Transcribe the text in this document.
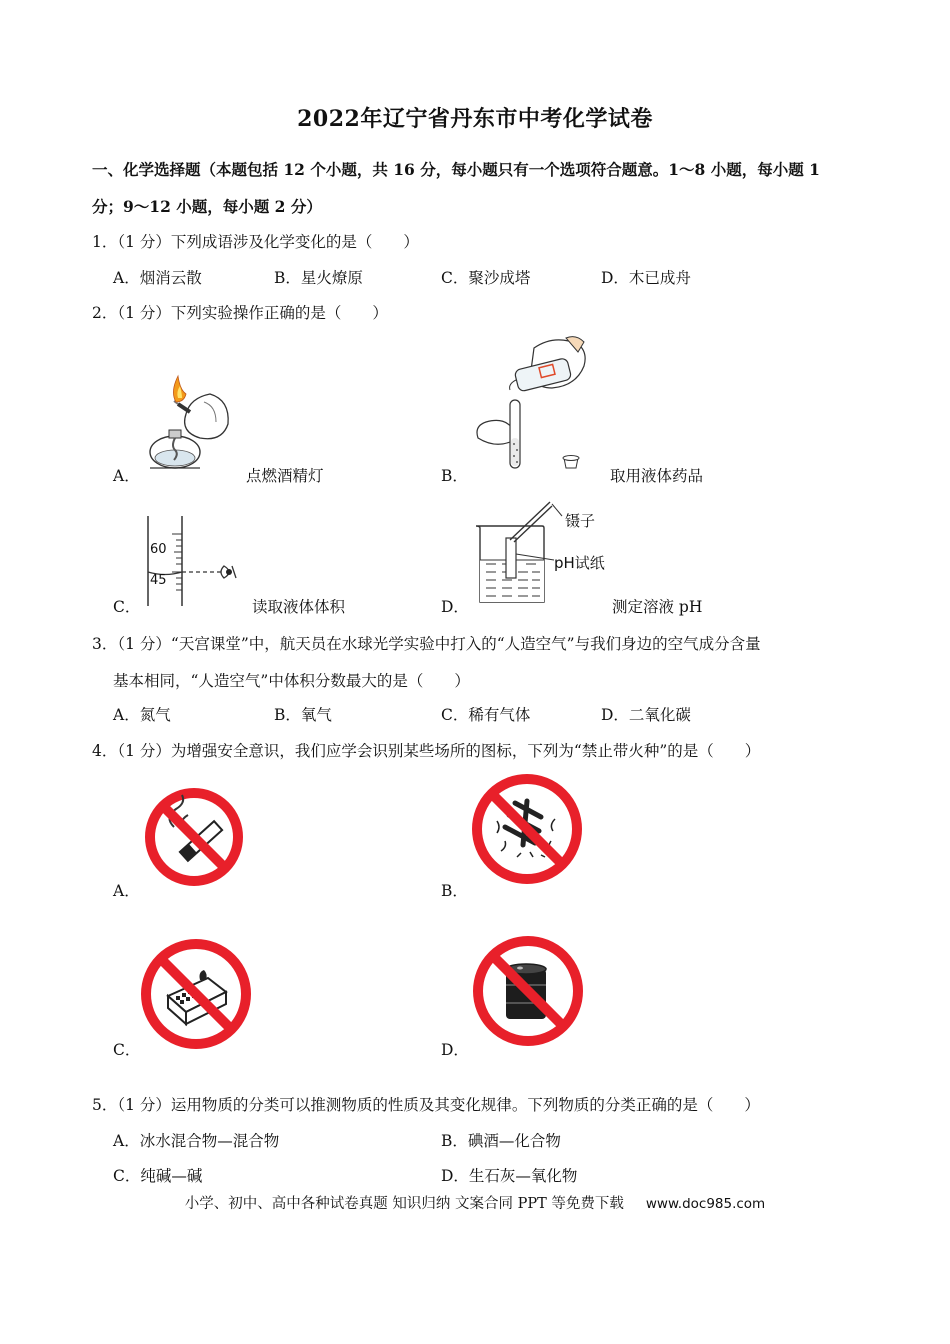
2022年辽宁省丹东市中考化学试卷
一、化学选择题（本题包括 12 个小题，共 16 分，每小题只有一个选项符合题意。1～8 小题，每小题 1
分；9～12 小题，每小题 2 分）
1．（1 分）下列成语涉及化学变化的是（　　）
A．烟消云散	B．星火燎原	C．聚沙成塔	D．木已成舟
2．（1 分）下列实验操作正确的是（　　）
A．	点燃酒精灯	B．	取用液体药品
60
45
C．	读取液体体积
镊子
pH试纸
D．	测定溶液 pH
3．（1 分）“天宫课堂”中，航天员在水球光学实验中打入的“人造空气”与我们身边的空气成分含量
基本相同，“人造空气”中体积分数最大的是（　　）
A．氮气	B．氧气	C．稀有气体	D．二氧化碳
4．（1 分）为增强安全意识，我们应学会识别某些场所的图标，下列为“禁止带火种”的是（　　）
A．	B．
C．	D．
5．（1 分）运用物质的分类可以推测物质的性质及其变化规律。下列物质的分类正确的是（　　）
A．冰水混合物—混合物	B．碘酒—化合物
C．纯碱—碱	D．生石灰—氧化物
小学、初中、高中各种试卷真题 知识归纳 文案合同 PPT 等免费下载 www.doc985.com
